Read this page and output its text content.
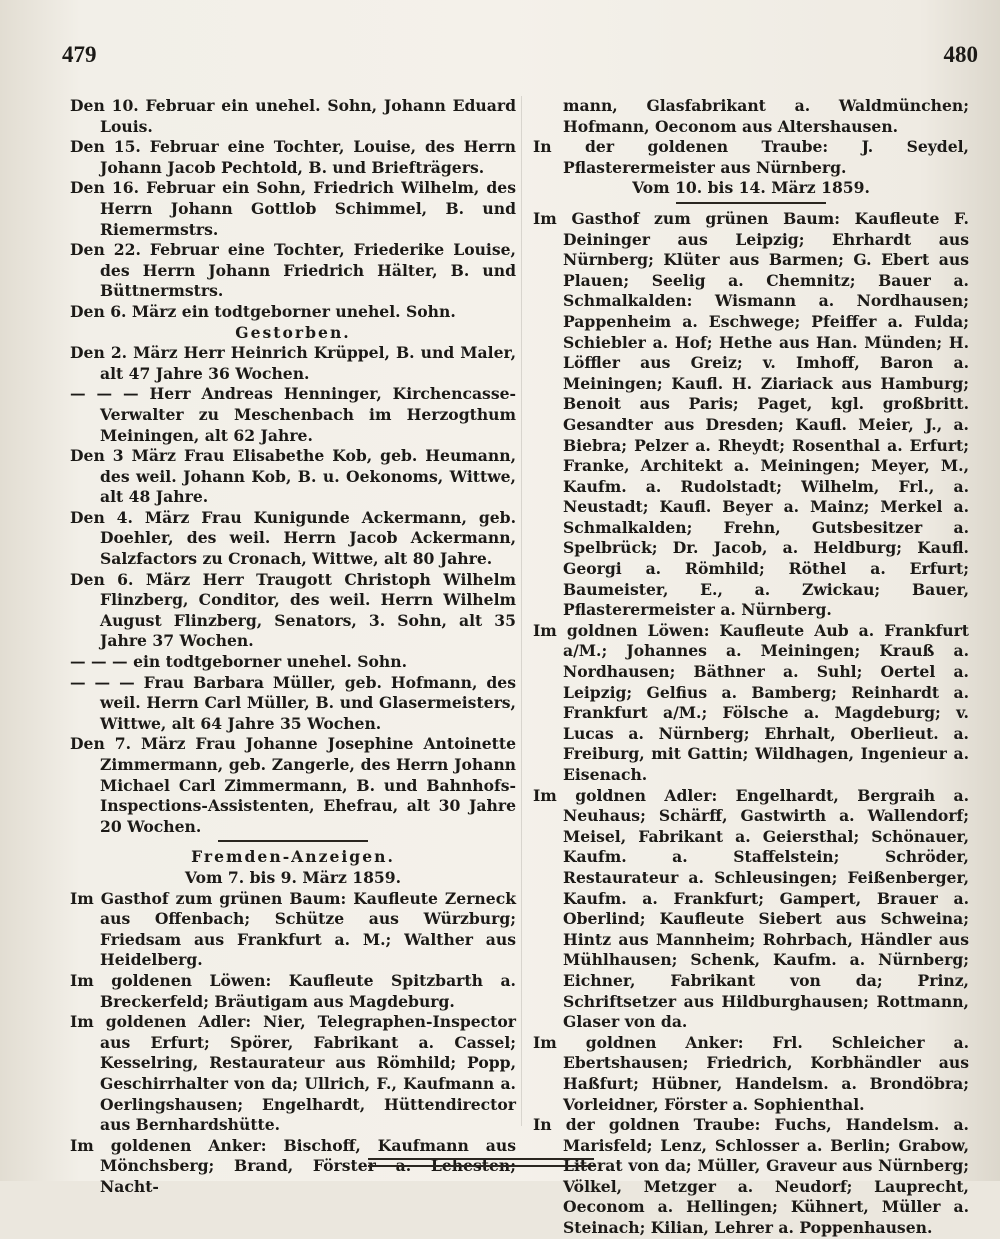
479	480

Den 10. Februar ein unehel. Sohn, Johann Eduard Louis.

Den 15. Februar eine Tochter, Louise, des Herrn Johann Jacob Pechtold, B. und Briefträgers.

Den 16. Februar ein Sohn, Friedrich Wilhelm, des Herrn Johann Gottlob Schimmel, B. und Riemermstrs.

Den 22. Februar eine Tochter, Friederike Louise, des Herrn Johann Friedrich Hälter, B. und Büttnermstrs.

Den 6. März ein todtgeborner unehel. Sohn.

Gestorben.

Den 2. März Herr Heinrich Krüppel, B. und Maler, alt 47 Jahre 36 Wochen.

— — — Herr Andreas Henninger, Kirchencasse-Verwalter zu Meschenbach im Herzogthum Meiningen, alt 62 Jahre.

Den 3 März Frau Elisabethe Kob, geb. Heumann, des weil. Johann Kob, B. u. Oekonoms, Wittwe, alt 48 Jahre.

Den 4. März Frau Kunigunde Ackermann, geb. Doehler, des weil. Herrn Jacob Ackermann, Salzfactors zu Cronach, Wittwe, alt 80 Jahre.

Den 6. März Herr Traugott Christoph Wilhelm Flinzberg, Conditor, des weil. Herrn Wilhelm August Flinzberg, Senators, 3. Sohn, alt 35 Jahre 37 Wochen.

— — — ein todtgeborner unehel. Sohn.

— — — Frau Barbara Müller, geb. Hofmann, des weil. Herrn Carl Müller, B. und Glasermeisters, Wittwe, alt 64 Jahre 35 Wochen.

Den 7. März Frau Johanne Josephine Antoinette Zimmermann, geb. Zangerle, des Herrn Johann Michael Carl Zimmermann, B. und Bahnhofs-Inspections-Assistenten, Ehefrau, alt 30 Jahre 20 Wochen.

Fremden-Anzeigen.

Vom 7. bis 9. März 1859.

Im Gasthof zum grünen Baum: Kaufleute Zerneck aus Offenbach; Schütze aus Würzburg; Friedsam aus Frankfurt a. M.; Walther aus Heidelberg.

Im goldenen Löwen: Kaufleute Spitzbarth a. Breckerfeld; Bräutigam aus Magdeburg.

Im goldenen Adler: Nier, Telegraphen-Inspector aus Erfurt; Spörer, Fabrikant a. Cassel; Kesselring, Restaurateur aus Römhild; Popp, Geschirrhalter von da; Ullrich, F., Kaufmann a. Oerlingshausen; Engelhardt, Hüttendirector aus Bernhardshütte.

Im goldenen Anker: Bischoff, Kaufmann aus Mönchsberg; Brand, Förster a. Lehesten; Nacht-

mann, Glasfabrikant a. Waldmünchen; Hofmann, Oeconom aus Altershausen.

In der goldenen Traube: J. Seydel, Pflasterermeister aus Nürnberg.

Vom 10. bis 14. März 1859.

Im Gasthof zum grünen Baum: Kaufleute F. Deininger aus Leipzig; Ehrhardt aus Nürnberg; Klüter aus Barmen; G. Ebert aus Plauen; Seelig a. Chemnitz; Bauer a. Schmalkalden: Wismann a. Nordhausen; Pappenheim a. Eschwege; Pfeiffer a. Fulda; Schiebler a. Hof; Hethe aus Han. Münden; H. Löffler aus Greiz; v. Imhoff, Baron a. Meiningen; Kaufl. H. Ziariack aus Hamburg; Benoit aus Paris; Paget, kgl. großbritt. Gesandter aus Dresden; Kaufl. Meier, J., a. Biebra; Pelzer a. Rheydt; Rosenthal a. Erfurt; Franke, Architekt a. Meiningen; Meyer, M., Kaufm. a. Rudolstadt; Wilhelm, Frl., a. Neustadt; Kaufl. Beyer a. Mainz; Merkel a. Schmalkalden; Frehn, Gutsbesitzer a. Spelbrück; Dr. Jacob, a. Heldburg; Kaufl. Georgi a. Römhild; Röthel a. Erfurt; Baumeister, E., a. Zwickau; Bauer, Pflasterermeister a. Nürnberg.

Im goldnen Löwen: Kaufleute Aub a. Frankfurt a/M.; Johannes a. Meiningen; Krauß a. Nordhausen; Bäthner a. Suhl; Oertel a. Leipzig; Gelfius a. Bamberg; Reinhardt a. Frankfurt a/M.; Fölsche a. Magdeburg; v. Lucas a. Nürnberg; Ehrhalt, Oberlieut. a. Freiburg, mit Gattin; Wildhagen, Ingenieur a. Eisenach.

Im goldnen Adler: Engelhardt, Bergraih a. Neuhaus; Schärff, Gastwirth a. Wallendorf; Meisel, Fabrikant a. Geiersthal; Schönauer, Kaufm. a. Staffelstein; Schröder, Restaurateur a. Schleusingen; Feißenberger, Kaufm. a. Frankfurt; Gampert, Brauer a. Oberlind; Kaufleute Siebert aus Schweina; Hintz aus Mannheim; Rohrbach, Händler aus Mühlhausen; Schenk, Kaufm. a. Nürnberg; Eichner, Fabrikant von da; Prinz, Schriftsetzer aus Hildburghausen; Rottmann, Glaser von da.

Im goldnen Anker: Frl. Schleicher a. Ebertshausen; Friedrich, Korbhändler aus Haßfurt; Hübner, Handelsm. a. Brondöbra; Vorleidner, Förster a. Sophienthal.

In der goldnen Traube: Fuchs, Handelsm. a. Marisfeld; Lenz, Schlosser a. Berlin; Grabow, Literat von da; Müller, Graveur aus Nürnberg; Völkel, Metzger a. Neudorf; Lauprecht, Oeconom a. Hellingen; Kühnert, Müller a. Steinach; Kilian, Lehrer a. Poppenhausen.
